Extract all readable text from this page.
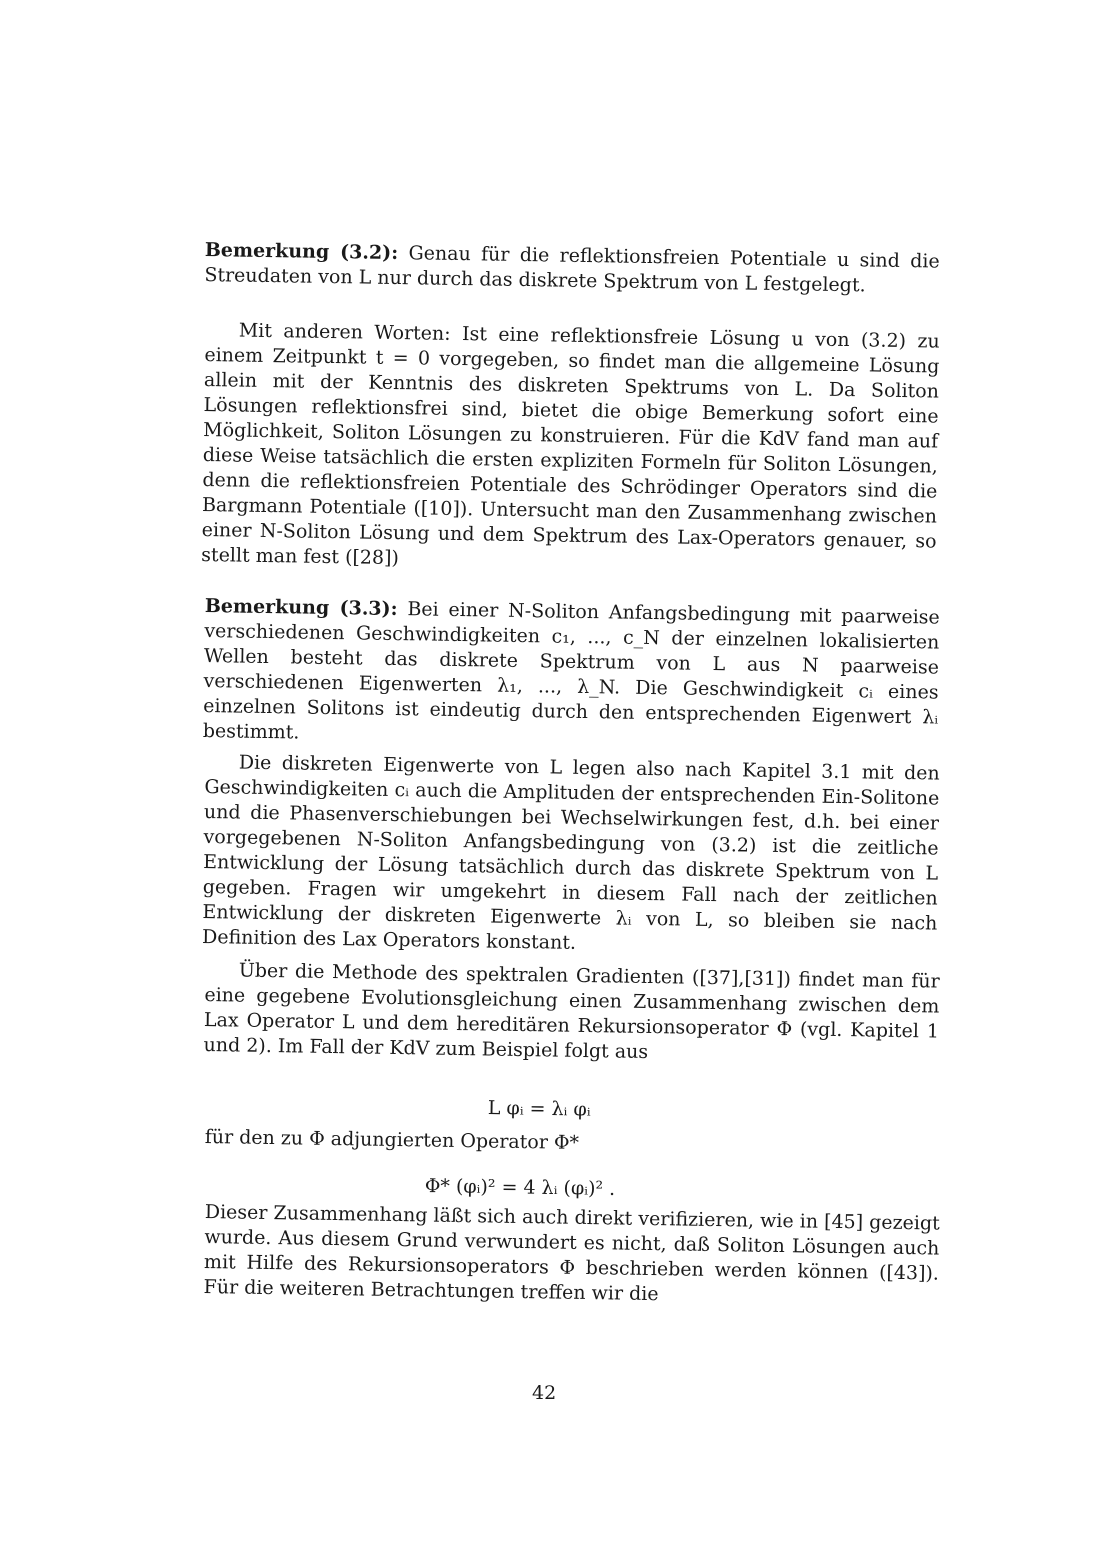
Bemerkung (3.2): Genau für die reflektionsfreien Potentiale u sind die Streudaten von L nur durch das diskrete Spektrum von L festgelegt.

Mit anderen Worten: Ist eine reflektionsfreie Lösung u von (3.2) zu einem Zeitpunkt t = 0 vorgegeben, so findet man die allgemeine Lösung allein mit der Kenntnis des diskreten Spektrums von L. Da Soliton Lösungen reflektionsfrei sind, bietet die obige Bemerkung sofort eine Möglichkeit, Soliton Lösungen zu konstruieren. Für die KdV fand man auf diese Weise tatsächlich die ersten expliziten Formeln für Soliton Lösungen, denn die reflektionsfreien Potentiale des Schrödinger Operators sind die Bargmann Potentiale ([10]). Untersucht man den Zusammenhang zwischen einer N-Soliton Lösung und dem Spektrum des Lax-Operators genauer, so stellt man fest ([28])

Bemerkung (3.3): Bei einer N-Soliton Anfangsbedingung mit paarweise verschiedenen Geschwindigkeiten c₁, ..., c_N der einzelnen lokalisierten Wellen besteht das diskrete Spektrum von L aus N paarweise verschiedenen Eigenwerten λ₁, ..., λ_N. Die Geschwindigkeit cᵢ eines einzelnen Solitons ist eindeutig durch den entsprechenden Eigenwert λᵢ bestimmt.

Die diskreten Eigenwerte von L legen also nach Kapitel 3.1 mit den Geschwindigkeiten cᵢ auch die Amplituden der entsprechenden Ein-Solitone und die Phasenverschiebungen bei Wechselwirkungen fest, d.h. bei einer vorgegebenen N-Soliton Anfangsbedingung von (3.2) ist die zeitliche Entwicklung der Lösung tatsächlich durch das diskrete Spektrum von L gegeben. Fragen wir umgekehrt in diesem Fall nach der zeitlichen Entwicklung der diskreten Eigenwerte λᵢ von L, so bleiben sie nach Definition des Lax Operators konstant.

Über die Methode des spektralen Gradienten ([37],[31]) findet man für eine gegebene Evolutionsgleichung einen Zusammenhang zwischen dem Lax Operator L und dem hereditären Rekursionsoperator Φ (vgl. Kapitel 1 und 2). Im Fall der KdV zum Beispiel folgt aus

L φᵢ = λᵢ φᵢ

für den zu Φ adjungierten Operator Φ*

Φ* (φᵢ)² = 4 λᵢ (φᵢ)² .

Dieser Zusammenhang läßt sich auch direkt verifizieren, wie in [45] gezeigt wurde. Aus diesem Grund verwundert es nicht, daß Soliton Lösungen auch mit Hilfe des Rekursionsoperators Φ beschrieben werden können ([43]). Für die weiteren Betrachtungen treffen wir die

42
